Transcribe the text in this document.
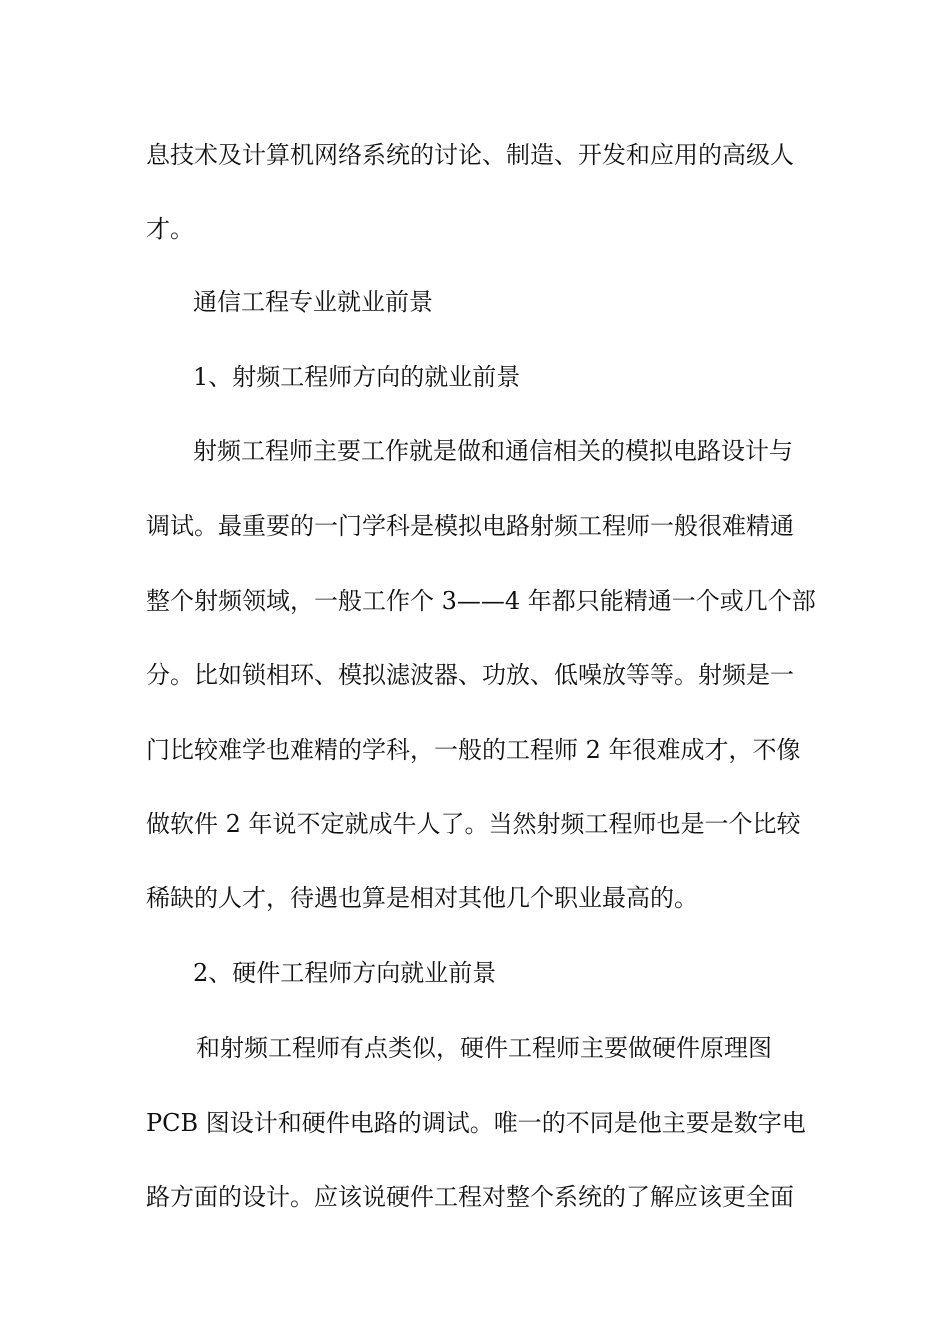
息技术及计算机网络系统的讨论、制造、开发和应用的高级人
才。
通信工程专业就业前景
1、射频工程师方向的就业前景
射频工程师主要工作就是做和通信相关的模拟电路设计与
调试。最重要的一门学科是模拟电路射频工程师一般很难精通
整个射频领域，一般工作个 3——4 年都只能精通一个或几个部
分。比如锁相环、模拟滤波器、功放、低噪放等等。射频是一
门比较难学也难精的学科，一般的工程师 2 年很难成才，不像
做软件 2 年说不定就成牛人了。当然射频工程师也是一个比较
稀缺的人才，待遇也算是相对其他几个职业最高的。
2、硬件工程师方向就业前景
和射频工程师有点类似，硬件工程师主要做硬件原理图
PCB 图设计和硬件电路的调试。唯一的不同是他主要是数字电
路方面的设计。应该说硬件工程对整个系统的了解应该更全面
